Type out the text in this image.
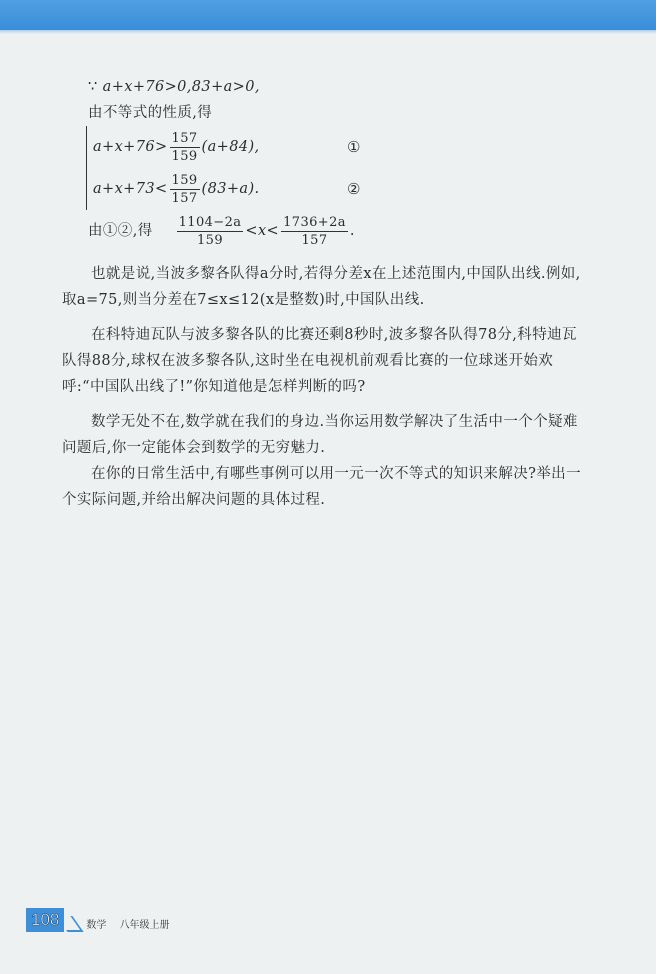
∵ a+x+76>0,83+a>0,
由不等式的性质,得
$a+x+76> \frac{157}{159} (a+84)$,	①
$a+x+73< \frac{159}{157} (83+a)$.	②
由①②,得 $\frac{1104-2a}{159} <x< \frac{1736+2a}{157}$ .

也就是说,当波多黎各队得a分时,若得分差x在上述范围内,中国队出线.例如,取a=75,则当分差在7≤x≤12(x是整数)时,中国队出线.

在科特迪瓦队与波多黎各队的比赛还剩8秒时,波多黎各队得78分,科特迪瓦队得88分,球权在波多黎各队,这时坐在电视机前观看比赛的一位球迷开始欢呼:“中国队出线了!”你知道他是怎样判断的吗?

数学无处不在,数学就在我们的身边.当你运用数学解决了生活中一个个疑难问题后,你一定能体会到数学的无穷魅力.

在你的日常生活中,有哪些事例可以用一元一次不等式的知识来解决?举出一个实际问题,并给出解决问题的具体过程.

108	数学 八年级上册
